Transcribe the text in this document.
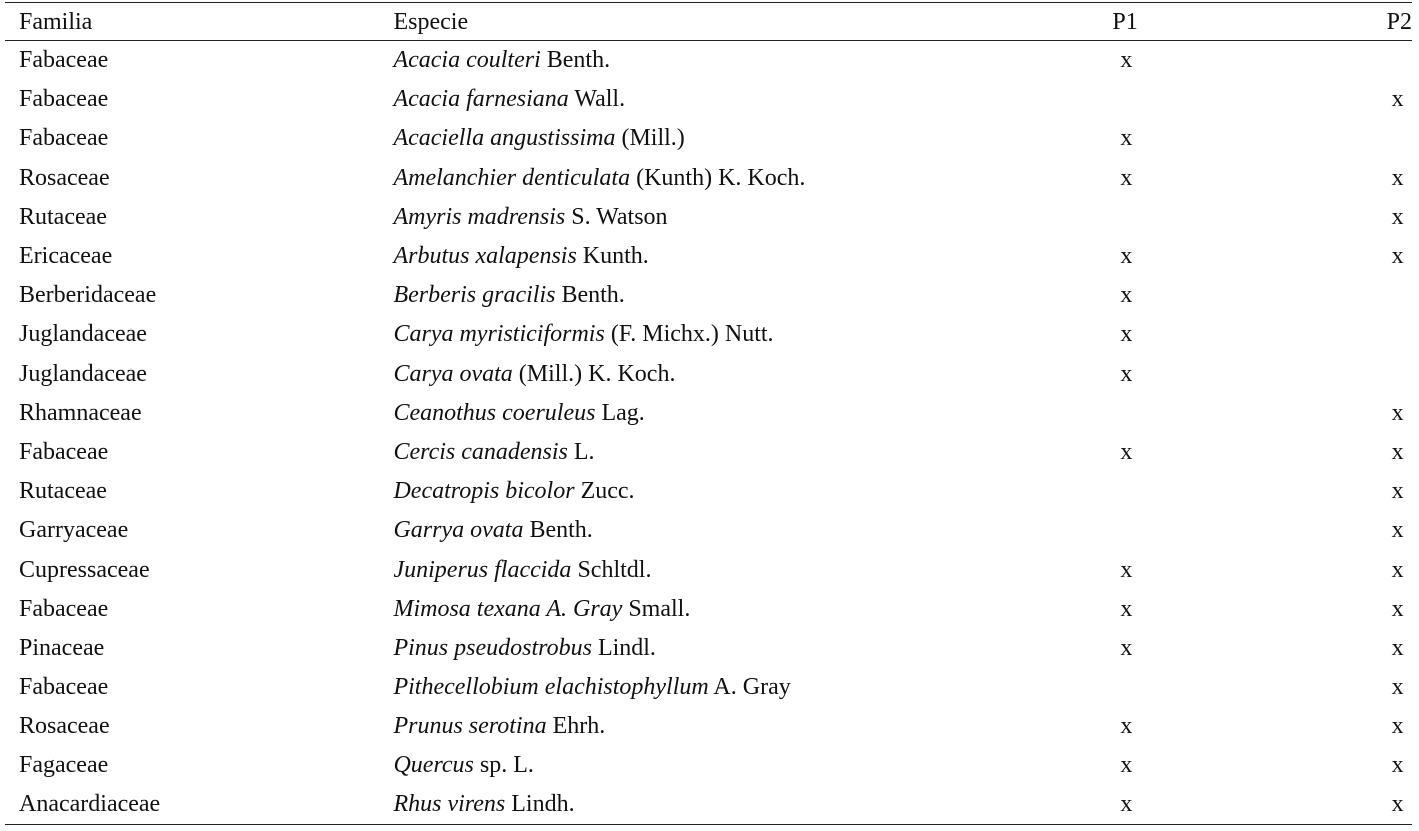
Familia	Especie	P1	P2
Fabaceae	Acacia coulteri Benth.	x	
Fabaceae	Acacia farnesiana Wall.		x
Fabaceae	Acaciella angustissima (Mill.)	x	
Rosaceae	Amelanchier denticulata (Kunth) K. Koch.	x	x
Rutaceae	Amyris madrensis S. Watson		x
Ericaceae	Arbutus xalapensis Kunth.	x	x
Berberidaceae	Berberis gracilis Benth.	x	
Juglandaceae	Carya myristiciformis (F. Michx.) Nutt.	x	
Juglandaceae	Carya ovata (Mill.) K. Koch.	x	
Rhamnaceae	Ceanothus coeruleus Lag.		x
Fabaceae	Cercis canadensis L.	x	x
Rutaceae	Decatropis bicolor Zucc.		x
Garryaceae	Garrya ovata Benth.		x
Cupressaceae	Juniperus flaccida Schltdl.	x	x
Fabaceae	Mimosa texana A. Gray Small.	x	x
Pinaceae	Pinus pseudostrobus Lindl.	x	x
Fabaceae	Pithecellobium elachistophyllum A. Gray		x
Rosaceae	Prunus serotina Ehrh.	x	x
Fagaceae	Quercus sp. L.	x	x
Anacardiaceae	Rhus virens Lindh.	x	x
